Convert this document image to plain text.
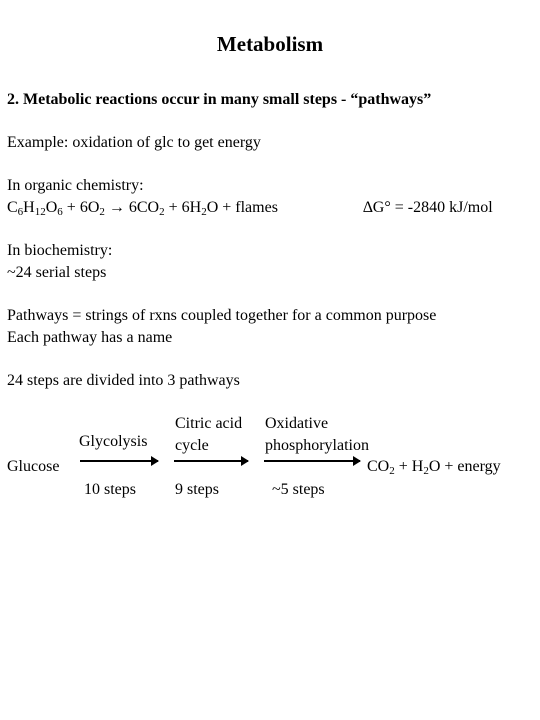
Metabolism
2. Metabolic reactions occur in many small steps - “pathways”
Example: oxidation of glc to get energy
In organic chemistry:
$C_6H_{12}O_6 + 6O_2 \to 6CO_2 + 6H_2O$ + flames	∆G° = -2840 kJ/mol
In biochemistry:
~24 serial steps
Pathways = strings of rxns coupled together for a common purpose
Each pathway has a name
24 steps are divided into 3 pathways
Glycolysis
Citric acid
cycle
Oxidative
phosphorylation
Glucose	$CO_2 + H_2O$ + energy
10 steps 9 steps	~5 steps
